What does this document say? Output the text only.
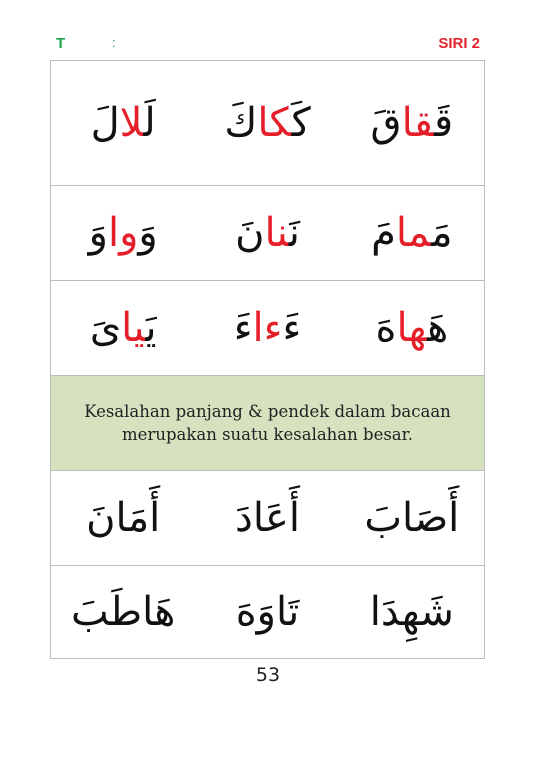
T	:	SIRI 2
قَقاقَ
كَكاكَ
لَلالَ
مَمامَ
نَنانَ
وَواوَ
هَهاهَ
ءَءاءَ
يَياىَ
Kesalahan panjang & pendek dalam bacaan merupakan suatu kesalahan besar.
أَصَابَ
أَعَادَ
أَمَانَ
شَهِدَا
تَاوَهَ
هَاطَبَ
53
